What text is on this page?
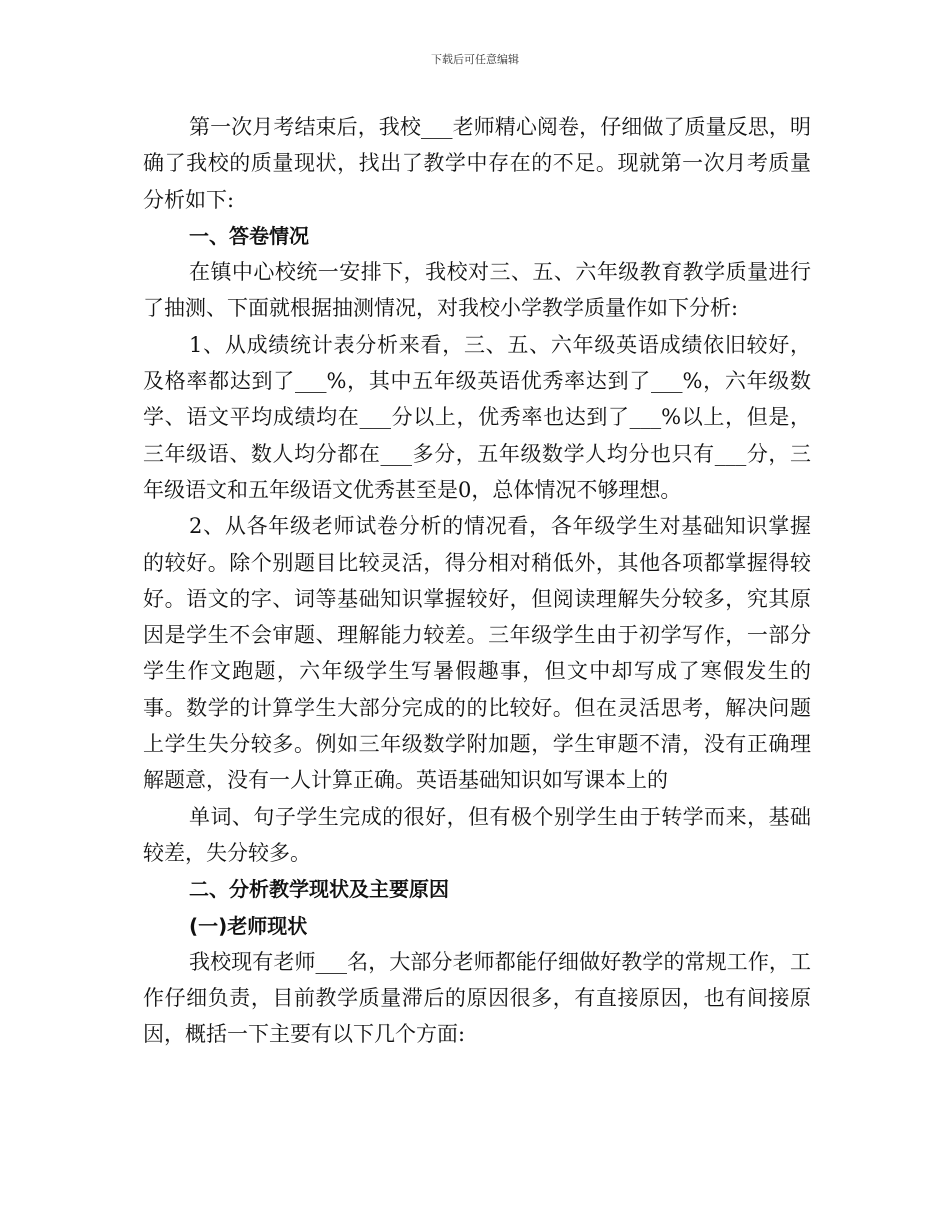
下载后可任意编辑

第一次月考结束后，我校___老师精心阅卷，仔细做了质量反思，明确了我校的质量现状，找出了教学中存在的不足。现就第一次月考质量分析如下:

一、答卷情况

在镇中心校统一安排下，我校对三、五、六年级教育教学质量进行了抽测、下面就根据抽测情况，对我校小学教学质量作如下分析:

1、从成绩统计表分析来看，三、五、六年级英语成绩依旧较好，及格率都达到了___%，其中五年级英语优秀率达到了___%，六年级数学、语文平均成绩均在___分以上，优秀率也达到了___%以上，但是，三年级语、数人均分都在___多分，五年级数学人均分也只有___分，三年级语文和五年级语文优秀甚至是0，总体情况不够理想。

2、从各年级老师试卷分析的情况看，各年级学生对基础知识掌握的较好。除个别题目比较灵活，得分相对稍低外，其他各项都掌握得较好。语文的字、词等基础知识掌握较好，但阅读理解失分较多，究其原因是学生不会审题、理解能力较差。三年级学生由于初学写作，一部分学生作文跑题，六年级学生写暑假趣事，但文中却写成了寒假发生的事。数学的计算学生大部分完成的的比较好。但在灵活思考，解决问题上学生失分较多。例如三年级数学附加题，学生审题不清，没有正确理解题意，没有一人计算正确。英语基础知识如写课本上的

单词、句子学生完成的很好，但有极个别学生由于转学而来，基础较差，失分较多。

二、分析教学现状及主要原因

(一)老师现状

我校现有老师___名，大部分老师都能仔细做好教学的常规工作，工作仔细负责，目前教学质量滞后的原因很多，有直接原因，也有间接原因，概括一下主要有以下几个方面:
